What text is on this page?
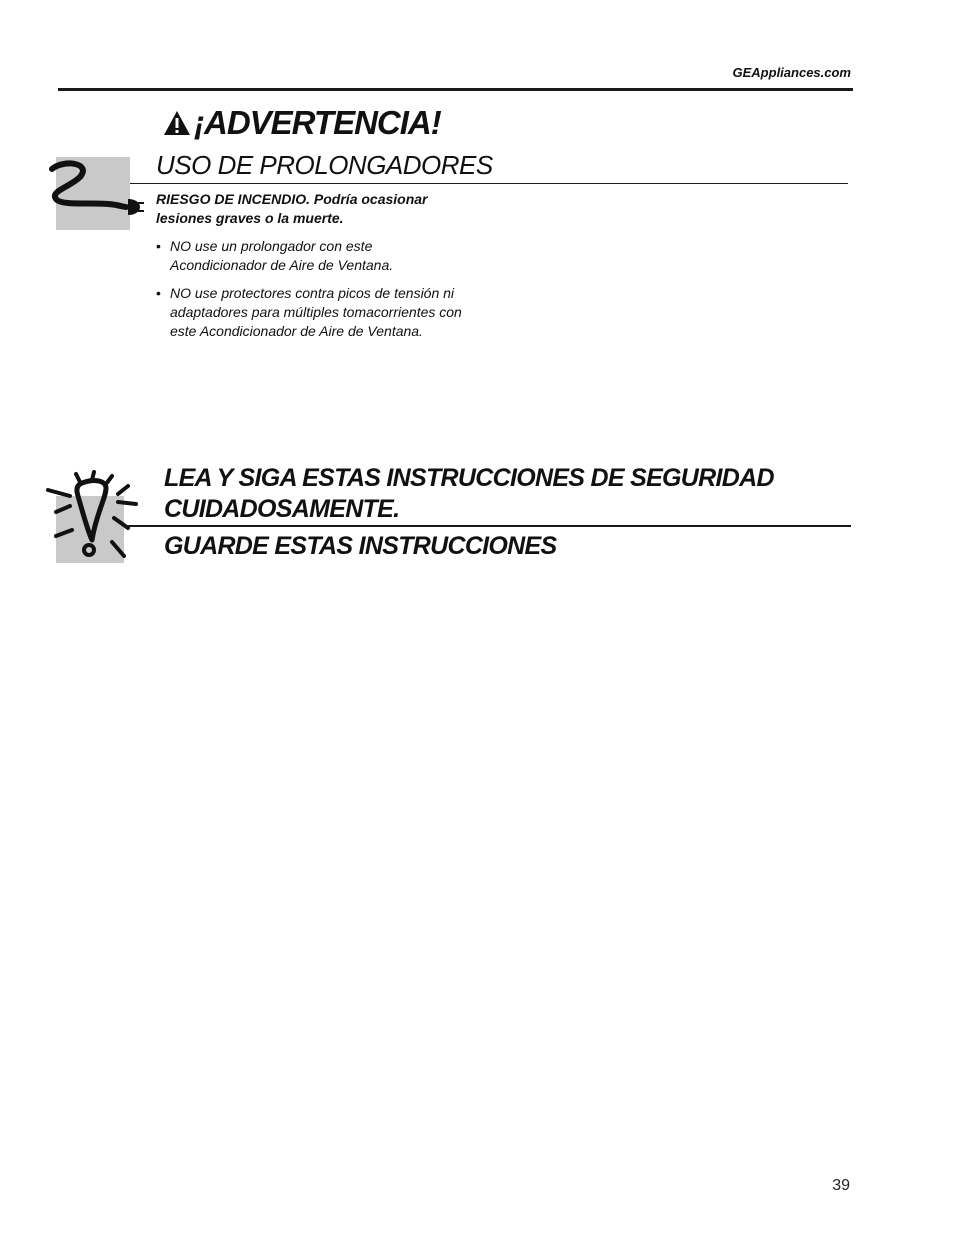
GEAppliances.com
¡ADVERTENCIA!
USO DE PROLONGADORES
RIESGO DE INCENDIO. Podría ocasionar
lesiones graves o la muerte.
• NO use un prolongador con este
Acondicionador de Aire de Ventana.
• NO use protectores contra picos de tensión ni
adaptadores para múltiples tomacorrientes con
este Acondicionador de Aire de Ventana.
LEA Y SIGA ESTAS INSTRUCCIONES DE SEGURIDAD
CUIDADOSAMENTE.
GUARDE ESTAS INSTRUCCIONES
39
